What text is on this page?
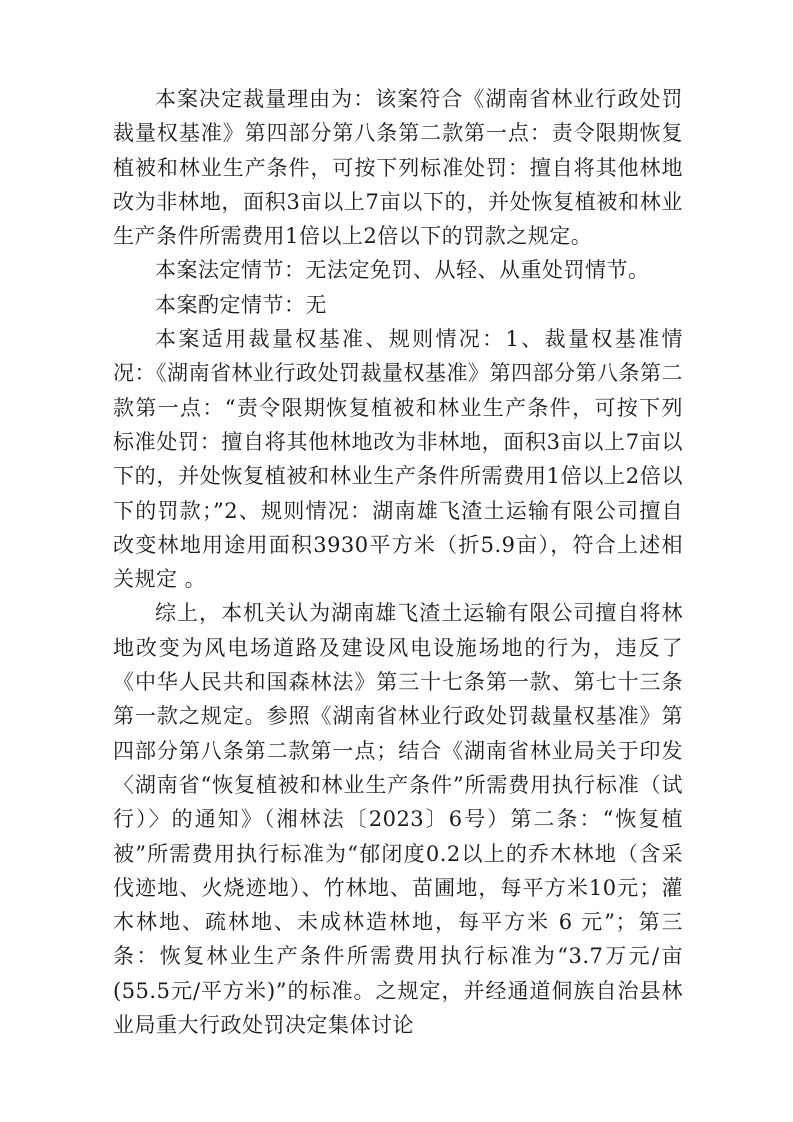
本案决定裁量理由为：该案符合《湖南省林业行政处罚裁量权基准》第四部分第八条第二款第一点：责令限期恢复植被和林业生产条件，可按下列标准处罚：擅自将其他林地改为非林地，面积3亩以上7亩以下的，并处恢复植被和林业生产条件所需费用1倍以上2倍以下的罚款之规定。

本案法定情节：无法定免罚、从轻、从重处罚情节。

本案酌定情节：无

本案适用裁量权基准、规则情况：1、裁量权基准情况：《湖南省林业行政处罚裁量权基准》第四部分第八条第二款第一点：“责令限期恢复植被和林业生产条件，可按下列标准处罚：擅自将其他林地改为非林地，面积3亩以上7亩以下的，并处恢复植被和林业生产条件所需费用1倍以上2倍以下的罚款；”2、规则情况：湖南雄飞渣土运输有限公司擅自改变林地用途用面积3930平方米（折5.9亩），符合上述相关规定 。

综上，本机关认为湖南雄飞渣土运输有限公司擅自将林地改变为风电场道路及建设风电设施场地的行为，违反了《中华人民共和国森林法》第三十七条第一款、第七十三条第一款之规定。参照《湖南省林业行政处罚裁量权基准》第四部分第八条第二款第一点；结合《湖南省林业局关于印发〈湖南省“恢复植被和林业生产条件”所需费用执行标准（试行）〉的通知》（湘林法〔2023〕6号）第二条：“恢复植被”所需费用执行标准为“郁闭度0.2以上的乔木林地（含采伐迹地、火烧迹地）、竹林地、苗圃地，每平方米10元；灌木林地、疏林地、未成林造林地，每平方米 6 元”；第三条：恢复林业生产条件所需费用执行标准为“3.7万元/亩(55.5元/平方米)”的标准。之规定，并经通道侗族自治县林业局重大行政处罚决定集体讨论
